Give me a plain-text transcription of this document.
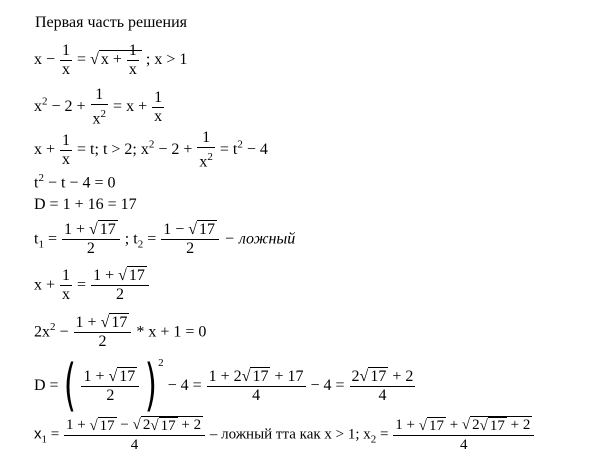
Первая часть решения
$x - \frac{1}{x}$ = √ $x + \frac{1}{x}$ ; x > 1
$x^2 - 2 + \frac{1}{x^2} = x + \frac{1}{x}$
$x + \frac{1}{x} = t$; t > 2; $x^2 - 2 + \frac{1}{x^2} = t^2 - 4$
$t^2 - t - 4 = 0$
D = 1 + 16 = 17
$t_1 = \frac{1 + √ 17}{2}$ ; $t_2 = \frac{1 - √ 17}{2}$ − ложный
$x + \frac{1}{x} = \frac{1 + √ 17}{2}$
$2x^2 - \frac{1 + √ 17}{2} * x + 1 = 0$
D = ( $\frac{1 + √ 17}{2} )^2 - 4 = \frac{1 + 2√ 17 + 17}{4} - 4 = \frac{2√ 17 + 2}{4}$
$x_1 = \frac{1 + √ 17 - √ 2√ 17 + 2}{4}$ – ложный тта как x > 1; $x_2 = \frac{1 + √ 17 + √ 2√ 17 + 2}{4}$
